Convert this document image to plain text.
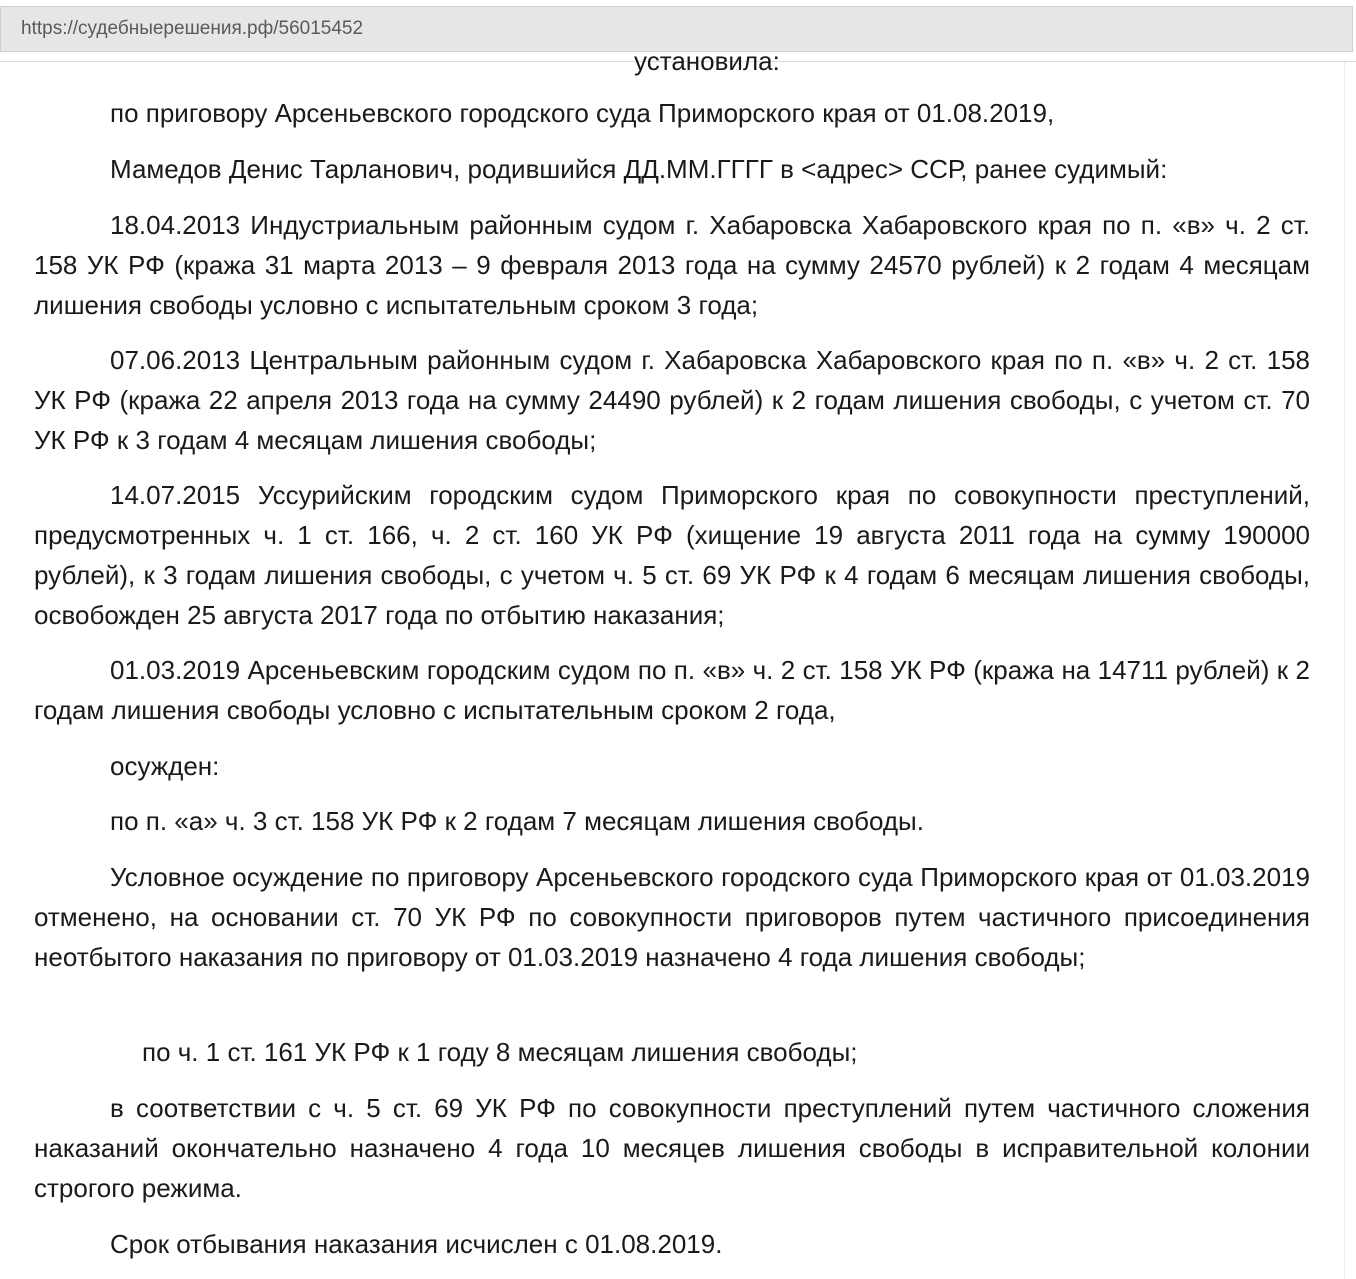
https://судебныерешения.рф/56015452
установила:

по приговору Арсеньевского городского суда Приморского края от 01.08.2019,

Мамедов Денис Тарланович, родившийся ДД.ММ.ГГГГ в <адрес> ССР, ранее судимый:

18.04.2013 Индустриальным районным судом г. Хабаровска Хабаровского края по п. «в» ч. 2 ст. 158 УК РФ (кража 31 марта 2013 – 9 февраля 2013 года на сумму 24570 рублей) к 2 годам 4 месяцам лишения свободы условно с испытательным сроком 3 года;

07.06.2013 Центральным районным судом г. Хабаровска Хабаровского края по п. «в» ч. 2 ст. 158 УК РФ (кража 22 апреля 2013 года на сумму 24490 рублей) к 2 годам лишения свободы, с учетом ст. 70 УК РФ к 3 годам 4 месяцам лишения свободы;

14.07.2015 Уссурийским городским судом Приморского края по совокупности преступлений, предусмотренных ч. 1 ст. 166, ч. 2 ст. 160 УК РФ (хищение 19 августа 2011 года на сумму 190000 рублей), к 3 годам лишения свободы, с учетом ч. 5 ст. 69 УК РФ к 4 годам 6 месяцам лишения свободы, освобожден 25 августа 2017 года по отбытию наказания;

01.03.2019 Арсеньевским городским судом по п. «в» ч. 2 ст. 158 УК РФ (кража на 14711 рублей) к 2 годам лишения свободы условно с испытательным сроком 2 года,

осужден:

по п. «а» ч. 3 ст. 158 УК РФ к 2 годам 7 месяцам лишения свободы.

Условное осуждение по приговору Арсеньевского городского суда Приморского края от 01.03.2019 отменено, на основании ст. 70 УК РФ по совокупности приговоров путем частичного присоединения неотбытого наказания по приговору от 01.03.2019 назначено 4 года лишения свободы;

по ч. 1 ст. 161 УК РФ к 1 году 8 месяцам лишения свободы;

в соответствии с ч. 5 ст. 69 УК РФ по совокупности преступлений путем частичного сложения наказаний окончательно назначено 4 года 10 месяцев лишения свободы в исправительной колонии строгого режима.

Срок отбывания наказания исчислен с 01.08.2019.
